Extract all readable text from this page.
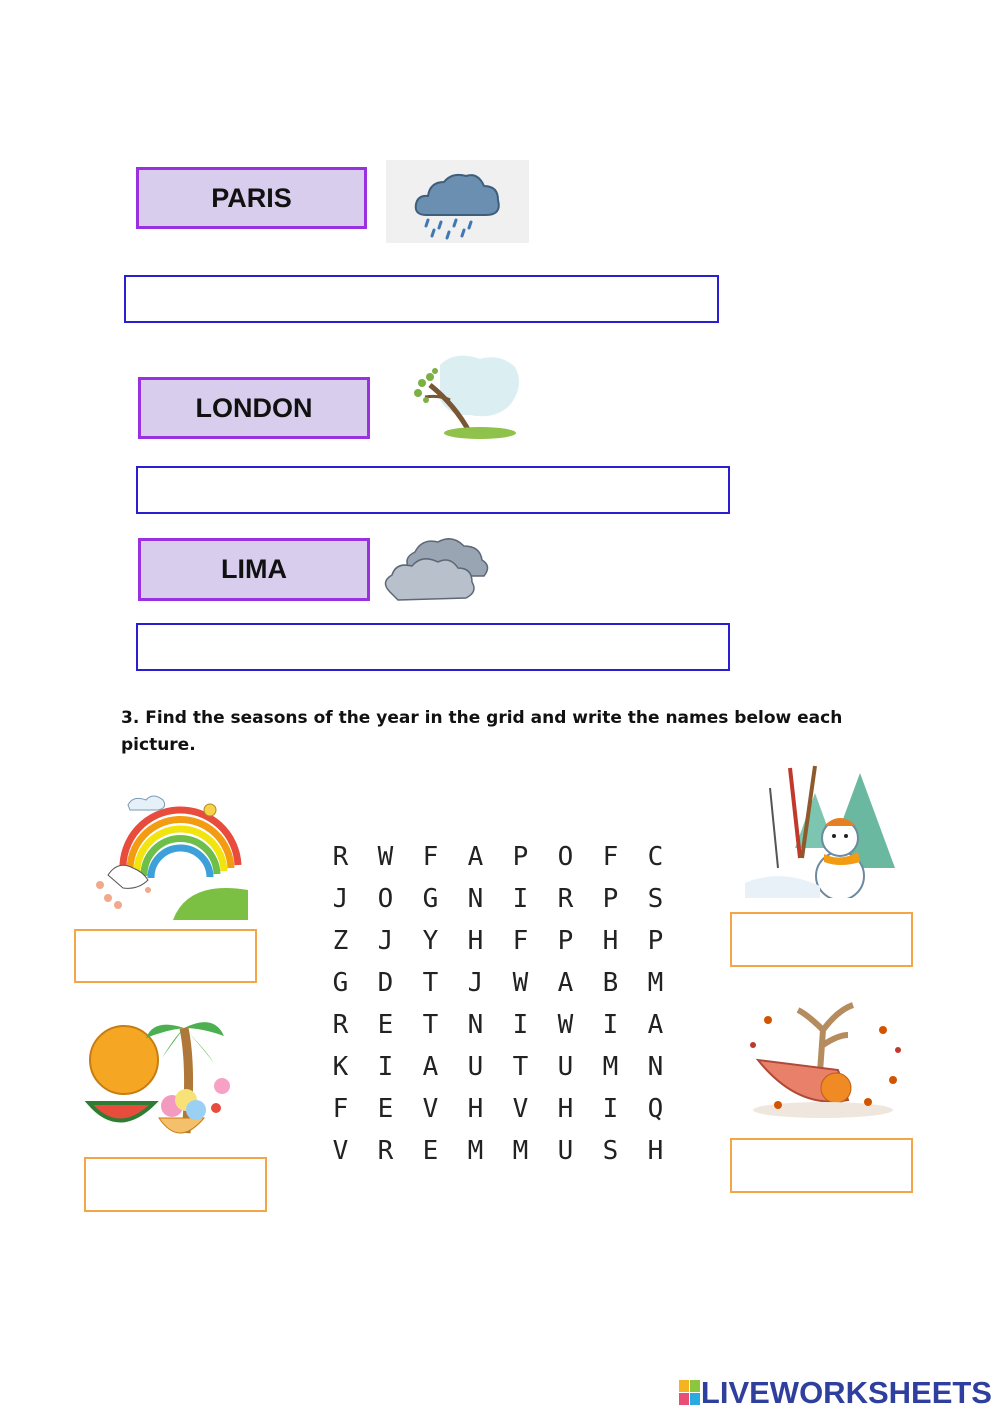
PARIS
LONDON
LIMA
3. Find the seasons of the year in the grid and write the names below each picture.
R	W	F	A	P	O	F	C
J	O	G	N	I	R	P	S
Z	J	Y	H	F	P	H	P
G	D	T	J	W	A	B	M
R	E	T	N	I	W	I	A
K	I	A	U	T	U	M	N
F	E	V	H	V	H	I	Q
V	R	E	M	M	U	S	H
LIVEWORKSHEETS
